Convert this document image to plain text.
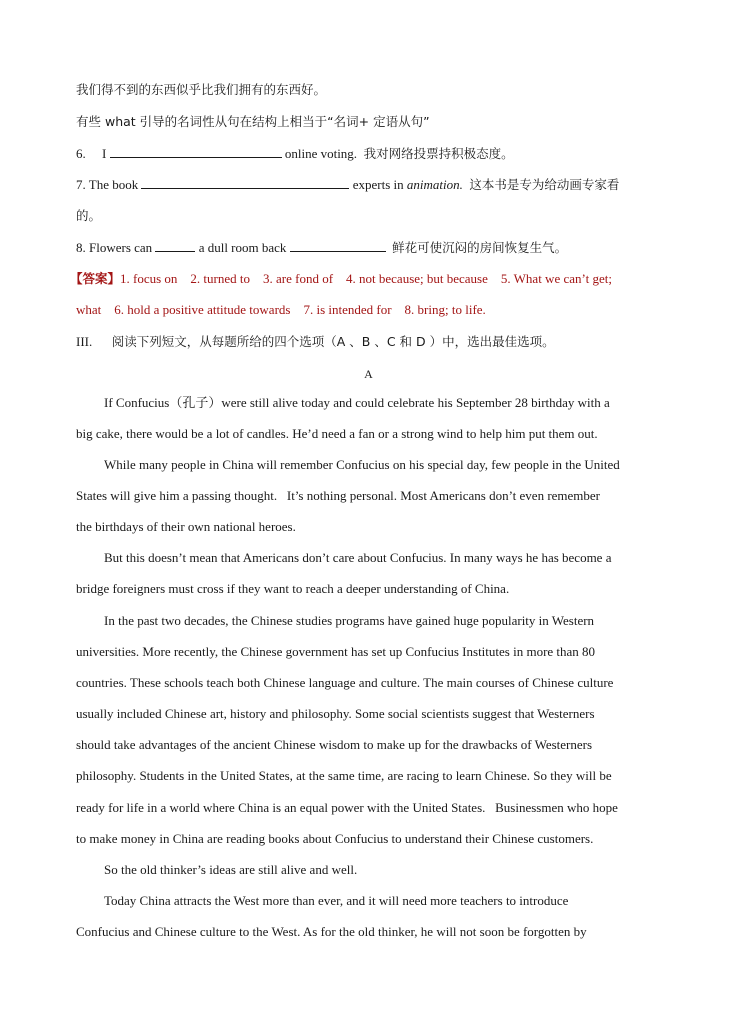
我们得不到的东西似乎比我们拥有的东西好。
有些 what 引导的名词性从句在结构上相当于“名词+ 定语从句”
6. I	online voting. 我对网络投票持积极态度。
7. The book	experts in animation. 这本书是专为给动画专家看
的。
8. Flowers can	a dull room back	鲜花可使沉闷的房间恢复生气。
【答案】1. focus on    2. turned to    3. are fond of    4. not because; but because    5. What we can’t get;
what    6. hold a positive attitude towards    7. is intended for    8. bring; to life.
III. 阅读下列短文，从每题所给的四个选项（A 、B 、C 和 D ）中，选出最佳选项。
A
If Confucius（孔子）were still alive today and could celebrate his September 28 birthday with a
big cake, there would be a lot of candles. He’d need a fan or a strong wind to help him put them out.
While many people in China will remember Confucius on his special day, few people in the United
States will give him a passing thought.   It’s nothing personal. Most Americans don’t even remember
the birthdays of their own national heroes.
But this doesn’t mean that Americans don’t care about Confucius. In many ways he has become a
bridge foreigners must cross if they want to reach a deeper understanding of China.
In the past two decades, the Chinese studies programs have gained huge popularity in Western
universities. More recently, the Chinese government has set up Confucius Institutes in more than 80
countries. These schools teach both Chinese language and culture. The main courses of Chinese culture
usually included Chinese art, history and philosophy. Some social scientists suggest that Westerners
should take advantages of the ancient Chinese wisdom to make up for the drawbacks of Westerners
philosophy. Students in the United States, at the same time, are racing to learn Chinese. So they will be
ready for life in a world where China is an equal power with the United States.   Businessmen who hope
to make money in China are reading books about Confucius to understand their Chinese customers.
So the old thinker’s ideas are still alive and well.
Today China attracts the West more than ever, and it will need more teachers to introduce
Confucius and Chinese culture to the West. As for the old thinker, he will not soon be forgotten by
